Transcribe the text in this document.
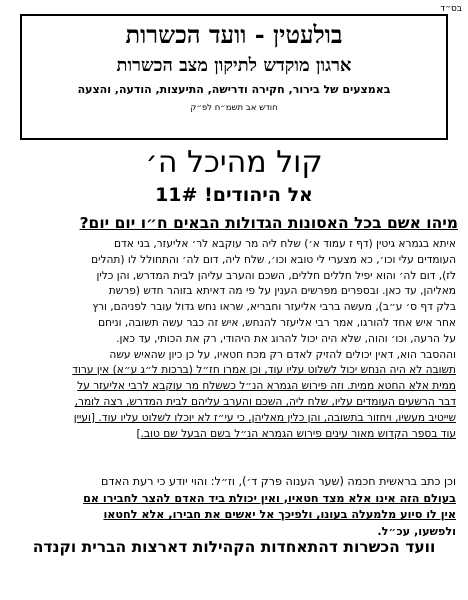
בס״ד
בולעטין - וועד הכשרות
ארגון מוקדש לתיקון מצב הכשרות
באמצעים של בירור, חקירה ודרישה, התיעצות, הודעה, והצעה
חודש אב תשמ״ח לפ״ק
קול מהיכל ה׳
אל היהודים! 11#
מיהו אשם בכל האסונות הגדולות הבאים ח״ו יום יום?
איתא בגמרא גיטין (דף ז עמוד א׳) שלח ליה מר עוקבא לר׳ אליעזר, בני אדם
העומדים עלי וכו׳, כא מצערי לי טובא וכו׳, שלח ליה, דום לה׳ והתחולל לו (תהלים
לז), דום לה׳ והוא יפיל חללים חללים, השכם והערב עליהן לבית המדרש, והן כלין
מאליהן, עד כאן. ובספרים מפרשים הענין על פי מה דאיתא בזוהר חדש (פרשת
בלק דף ס׳ ע״ב), מעשה ברבי אליעזר וחבריא, שראו נחש גדול עובר לפניהם, ורץ
אחר איש אחד להורגו, אמר רבי אליעזר להנחש, איש זה כבר עשה תשובה, וניחם
על הרעה, וכו׳ והוה, שלא היה יכול להרוג את היהודי, רק את הכותי, עד כאן.
וההסבר הוא, דאין יכולים להזיק לאדם רק מכח חטאיו, על כן כיון שהאיש עשה
תשובה לא היה הנחש יכול לשלוט עליו עוד, וכן אמרו חז״ל (ברכות ל״ג ע״א) אין ערוד
ממית אלא החטא ממית. וזה פירוש הגמרא הנ״ל כששלח מר עוקבא לרבי אליעזר על
דבר הרשעים העומדים עליו, שלח ליה, השכם והערב עליהם לבית המדרש, רצה לומר,
שייטיב מעשיו, ויחזור בתשובה, והן כלין מאליהן, כי עי״ז לא יוכלו לשלוט עליו עוד. [ועיין
עוד בספר הקדוש מאור עינים פירוש הגמרא הנ״ל בשם הבעל שם טוב.]
וכן כתב בראשית חכמה (שער הענוה פרק ד׳), וז״ל: והוי יודע כי רעת האדם
בעולם הזה אינו אלא מצד חטאיו, ואין יכולת ביד האדם להצר לחבירו אם
אין לו סיוע מלמעלה בעונו, ולפיכך אל יאשים את חבירו, אלא לחטאו
ולפשעו, עכ״ל.
וועד הכשרות דהתאחדות הקהילות דארצות הברית וקנדה
